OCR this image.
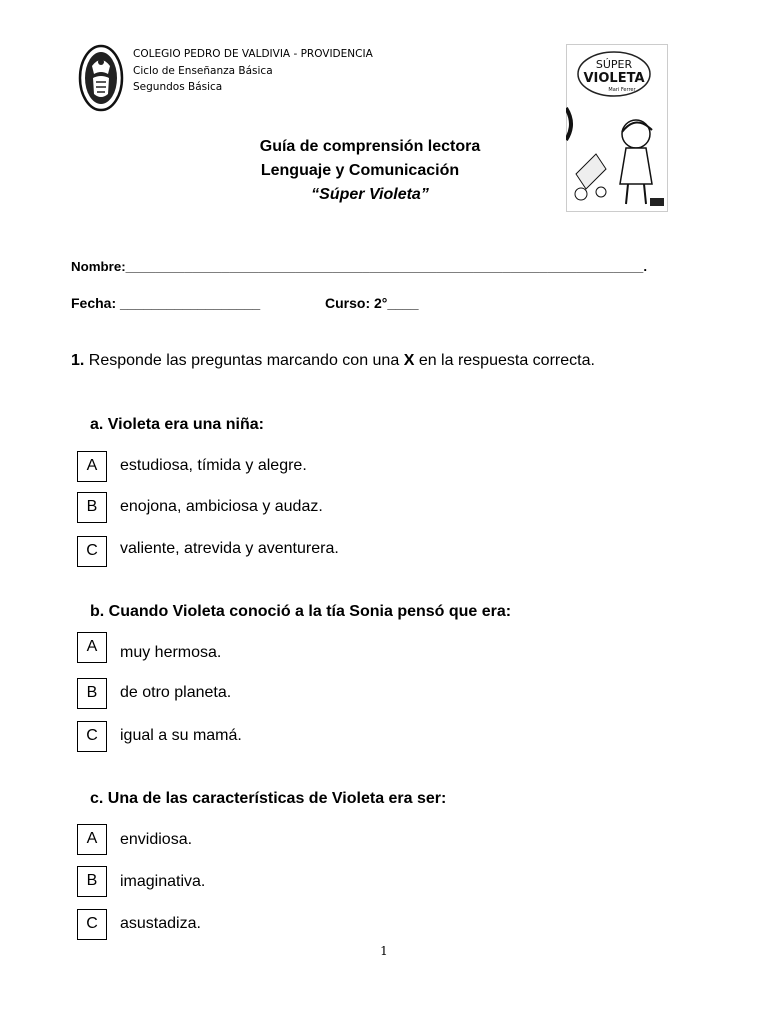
COLEGIO PEDRO DE VALDIVIA - PROVIDENCIA
Ciclo de Enseñanza Básica
Segundos Básica
SÚPER
VIOLETA
Mari Ferrer
Guía de comprensión lectora
Lenguaje y Comunicación
“Súper Violeta”
Nombre:______________________________________________________________________.
Fecha: __________________	Curso: 2°____
1. Responde las preguntas marcando con una X en la respuesta correcta.
a. Violeta era una niña:
A	estudiosa, tímida y alegre.
B	enojona, ambiciosa y audaz.
C	valiente, atrevida y aventurera.
b. Cuando Violeta conoció a la tía Sonia pensó que era:
A	muy hermosa.
B	de otro planeta.
C	igual a su mamá.
c. Una de las características de Violeta era ser:
A	envidiosa.
B	imaginativa.
C	asustadiza.
1
